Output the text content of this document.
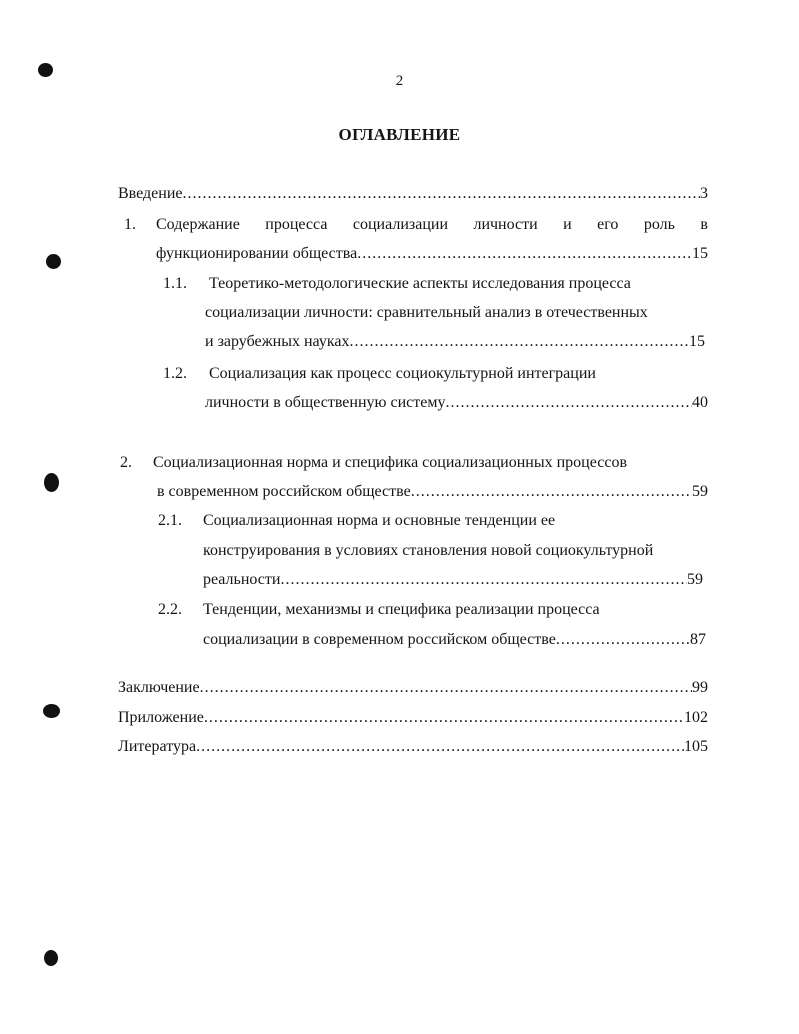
2
ОГЛАВЛЕНИЕ
Введение .....	3
1. Содержание процесса социализации личности и его роль в
функционировании общества .....	15
1.1. Теоретико-методологические аспекты исследования процесса
социализации личности: сравнительный анализ в отечественных
и зарубежных науках .....	15
1.2. Социализация как процесс социокультурной интеграции
личности в общественную систему .....	40
2. Социализационная норма и специфика социализационных процессов
в современном российском обществе .....	59
2.1. Социализационная норма и основные тенденции ее
конструирования в условиях становления новой социокультурной
реальности .....	59
2.2. Тенденции, механизмы и специфика реализации процесса
социализации в современном российском обществе .....	87
Заключение .....	99
Приложение .....	102
Литература .....	105
